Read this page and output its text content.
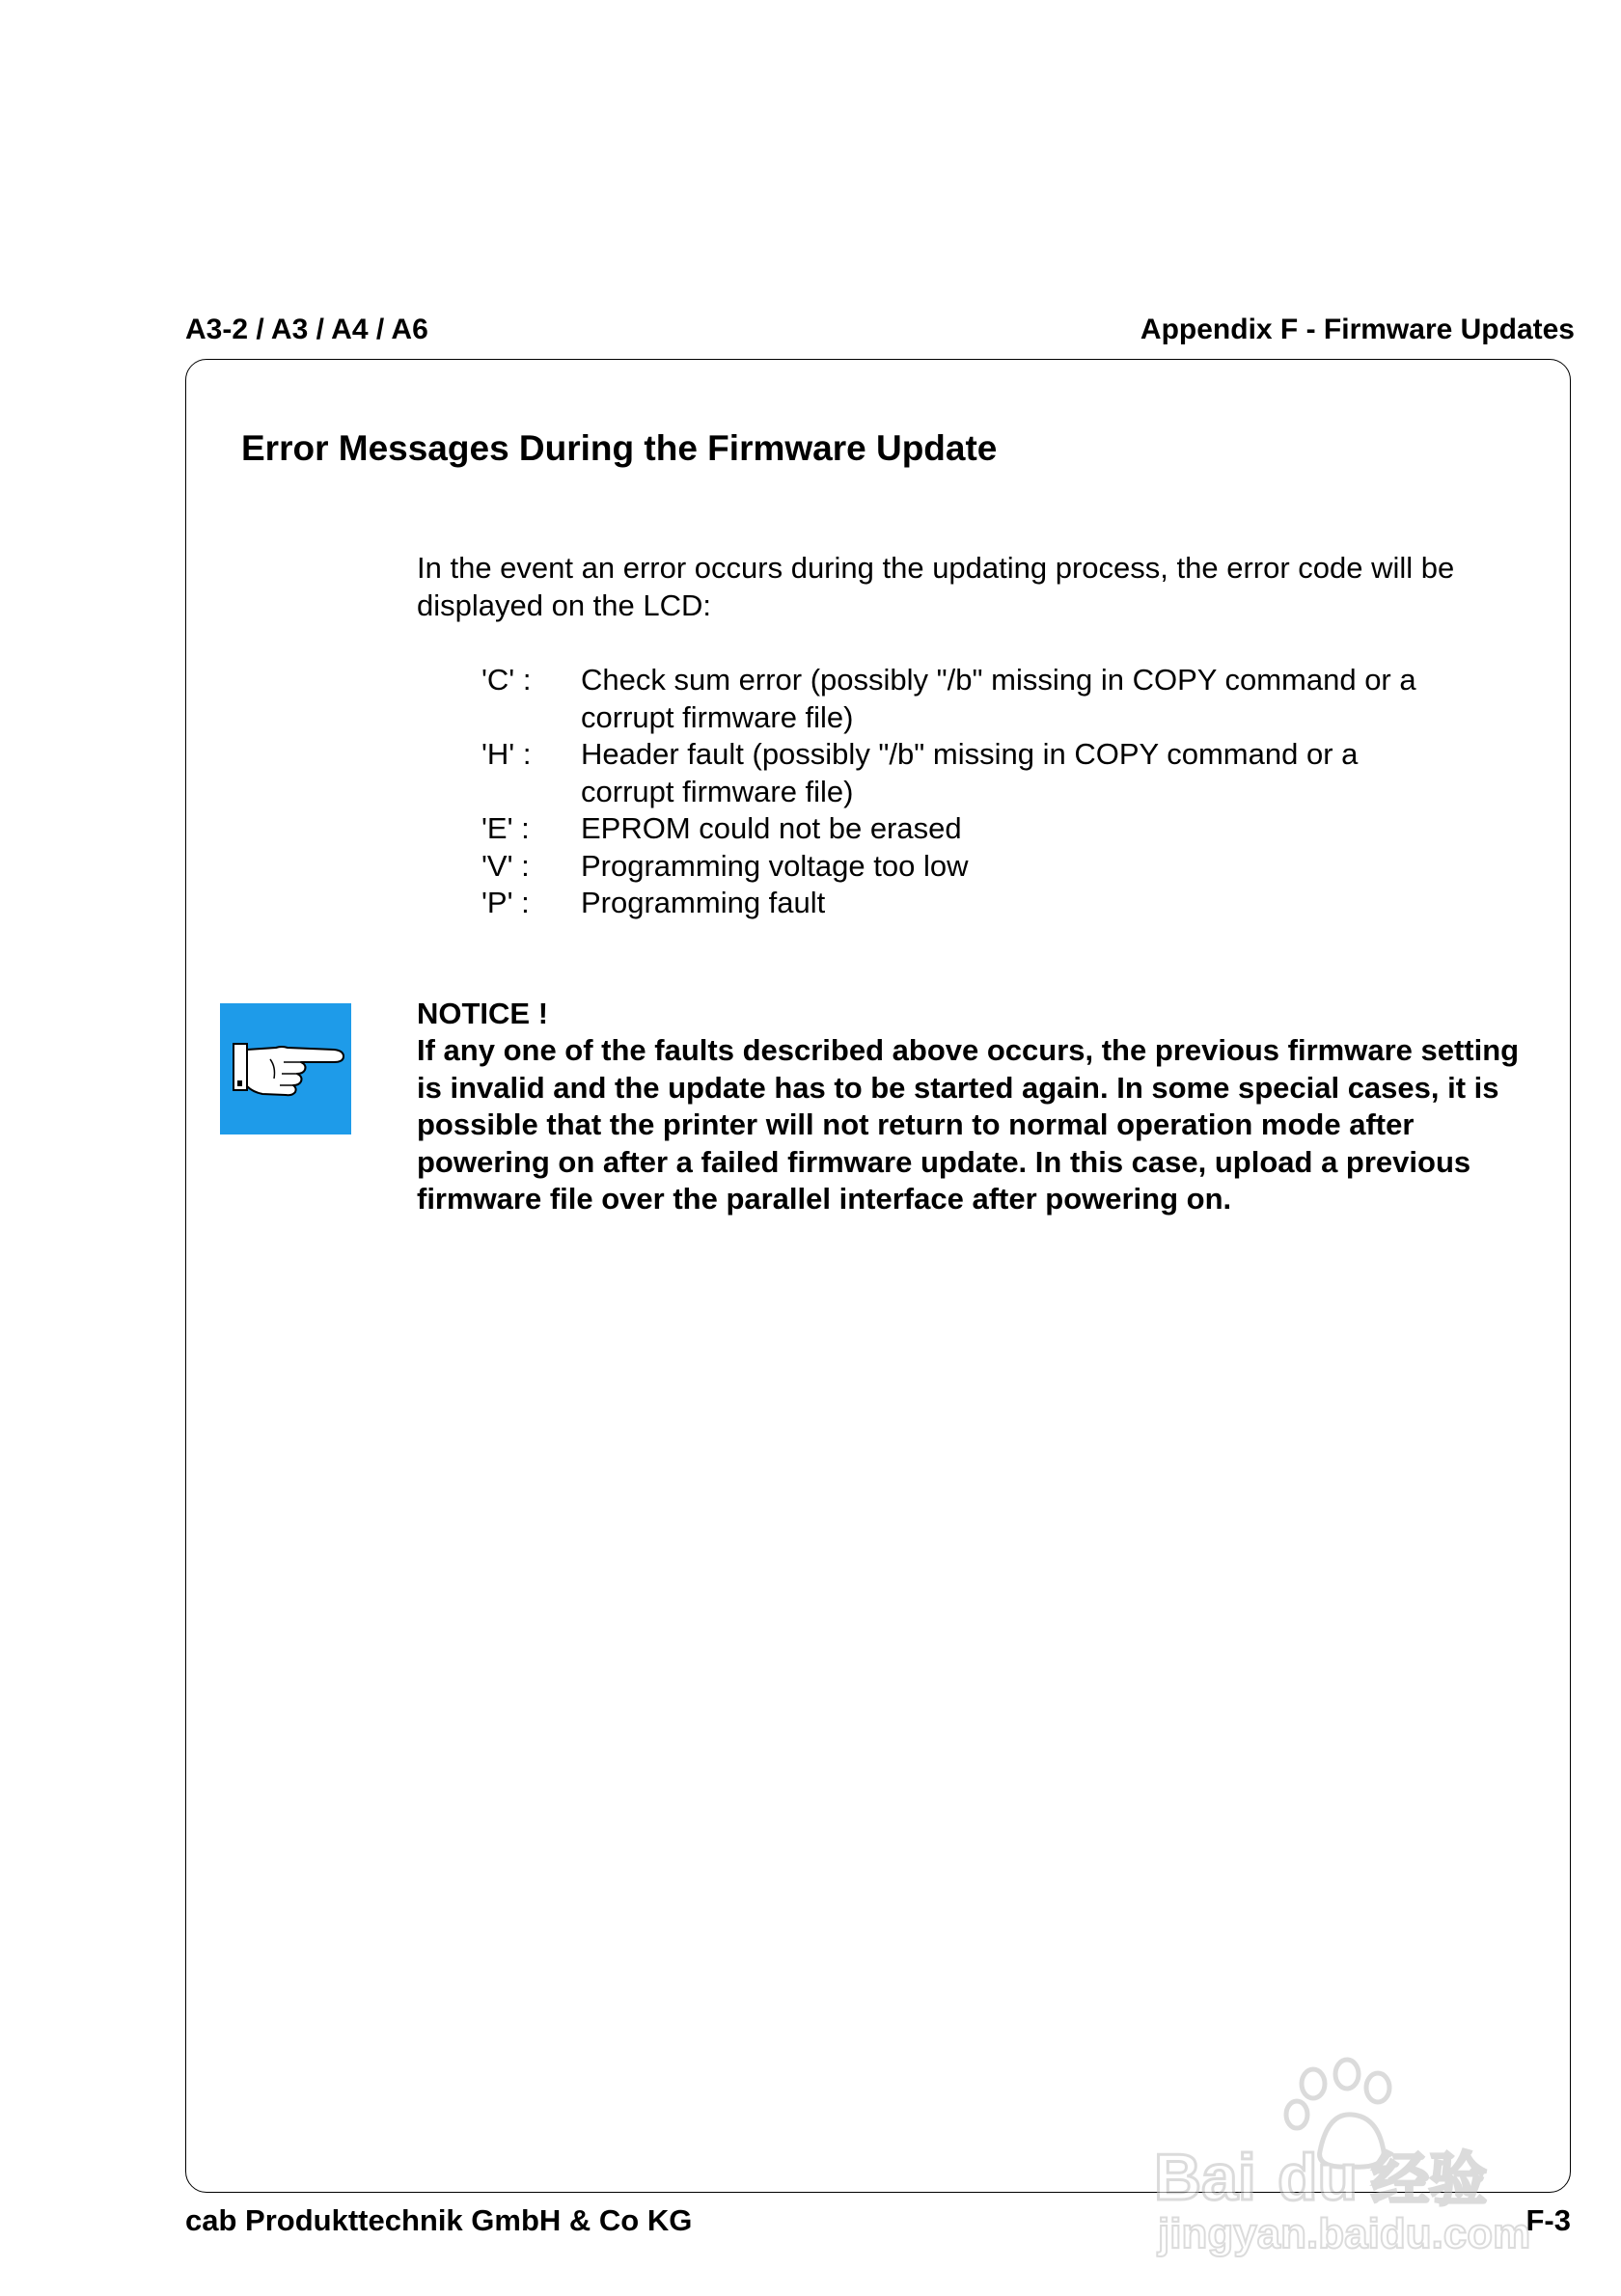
A3-2 / A3 / A4 / A6	Appendix F - Firmware Updates
Error Messages During the Firmware Update

In the event an error occurs during the updating process, the error code will be displayed on the LCD:

'C' :	Check sum error (possibly "/b" missing in COPY command or a corrupt firmware file)
'H' :	Header fault (possibly "/b" missing in COPY command or a corrupt firmware file)
'E' :	EPROM could not be erased
'V' :	Programming voltage too low
'P' :	Programming fault
NOTICE !

If any one of the faults described above occurs, the previous firmware setting is invalid and the update has to be started again. In some special cases, it is possible that the printer will not return to normal operation mode after powering on after a failed firmware update. In this case, upload a previous firmware file over the parallel interface after powering on.

cab Produkttechnik GmbH & Co KG	F-3
Bai du 经验
jingyan.baidu.com
